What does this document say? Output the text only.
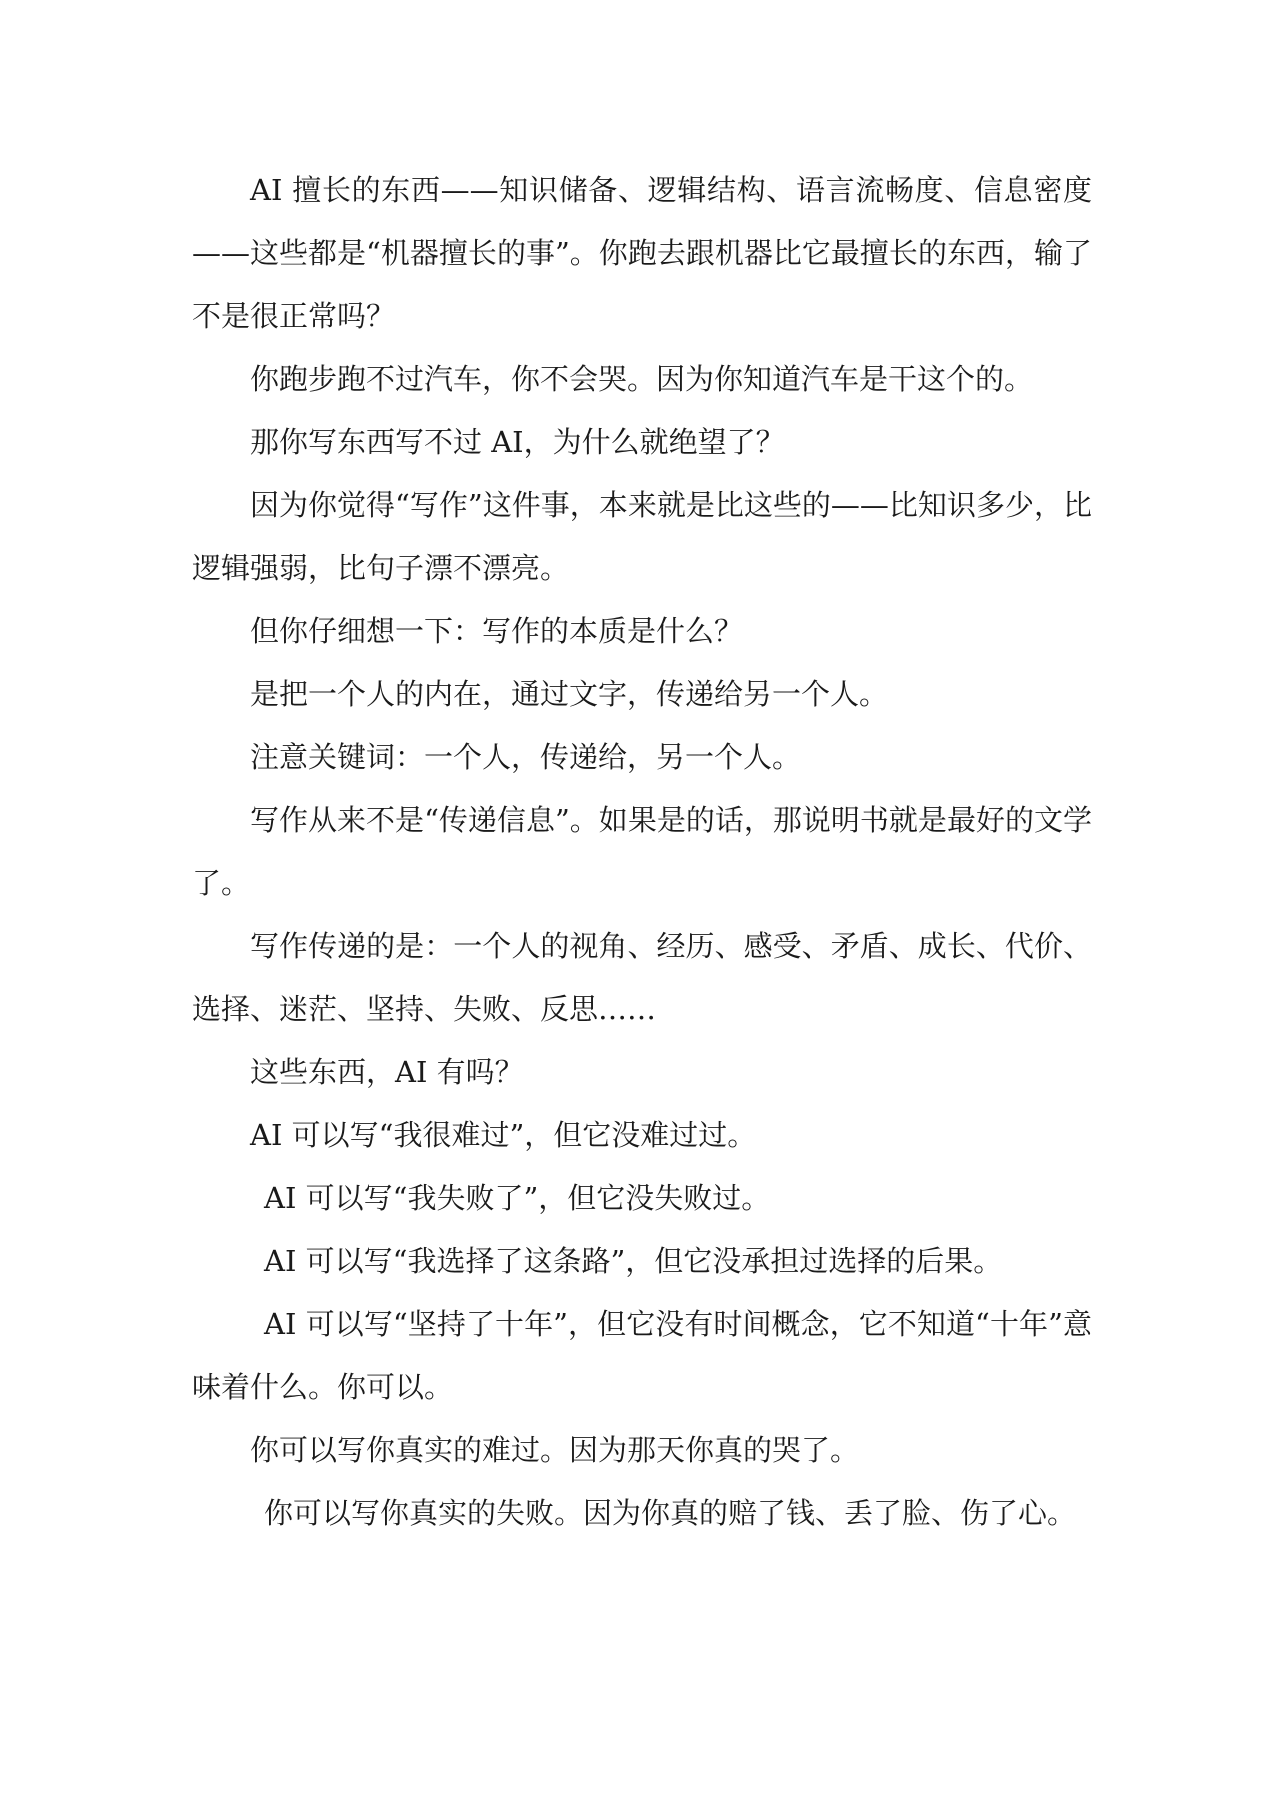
AI 擅长的东西——知识储备、逻辑结构、语言流畅度、信息密度——这些都是“机器擅长的事”。你跑去跟机器比它最擅长的东西，输了不是很正常吗？

你跑步跑不过汽车，你不会哭。因为你知道汽车是干这个的。

那你写东西写不过 AI，为什么就绝望了？

因为你觉得“写作”这件事，本来就是比这些的——比知识多少，比逻辑强弱，比句子漂不漂亮。

但你仔细想一下：写作的本质是什么？

是把一个人的内在，通过文字，传递给另一个人。

注意关键词：一个人，传递给，另一个人。

写作从来不是“传递信息”。如果是的话，那说明书就是最好的文学了。

写作传递的是：一个人的视角、经历、感受、矛盾、成长、代价、选择、迷茫、坚持、失败、反思……

这些东西，AI 有吗？

AI 可以写“我很难过”，但它没难过过。

AI 可以写“我失败了”，但它没失败过。

AI 可以写“我选择了这条路”，但它没承担过选择的后果。

AI 可以写“坚持了十年”，但它没有时间概念，它不知道“十年”意味着什么。你可以。

你可以写你真实的难过。因为那天你真的哭了。

你可以写你真实的失败。因为你真的赔了钱、丢了脸、伤了心。
